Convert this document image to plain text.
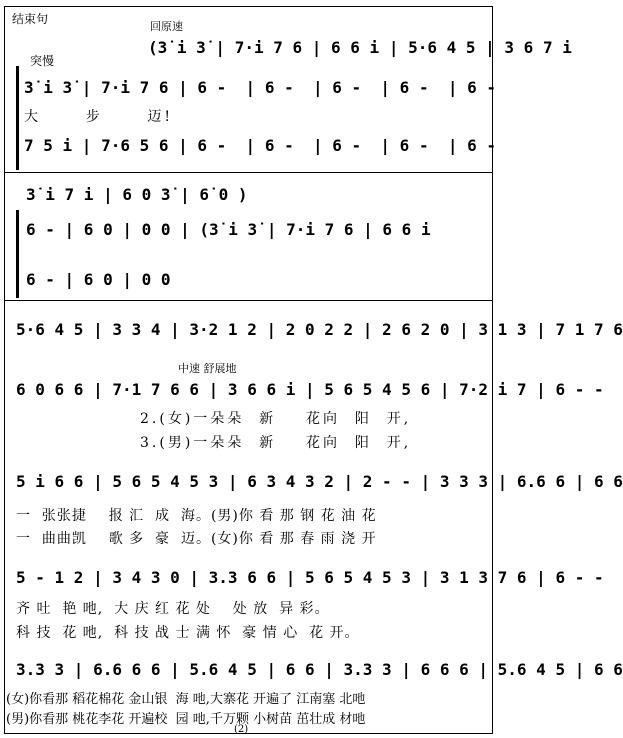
结束句
回原速
突慢
(3̇ i 3̇ | 7·i 7 6 | 6 6 i | 5·6 4 5 | 3 6 7 i
3̇ i 3̇ | 7·i 7 6 | 6 -  | 6 -  | 6 -  | 6 -  | 6 -
大      步      迈!
7 5 i | 7·6 5 6 | 6 -  | 6 -  | 6 -  | 6 -  | 6 -
3̇ i 7 i | 6 0 3̇ | 6̇ 0 )
6 - | 6 0 | 0 0 | (3̇ i 3̇ | 7·i 7 6 | 6 6 i
6 - | 6 0 | 0 0
5·6 4 5 | 3 3 4 | 3·2 1 2 | 2 0 2 2 | 2 6 2 0 | 3 1 3 | 7 1 7 6
中速 舒展地
6 0 6 6 | 7·1 7 6 6 | 3 6 6 i | 5 6 5 4 5 6 | 7·2 i 7 | 6 - -
2.(女)一朵朵  新    花向  阳  开,
3.(男)一朵朵  新    花向  阳  开,
5 i 6 6 | 5 6 5 4 5 3 | 6 3 4 3 2 | 2 - - | 3 3 3 | 6.6 6 | 6 6
一  张张捷    报 汇  成  海。(男)你 看 那 钢 花 油 花
一  曲曲凯    歌 多  豪  迈。(女)你 看 那 春 雨 浇 开
5 - 1 2 | 3 4 3 0 | 3.3 6 6 | 5 6 5 4 5 3 | 3 1 3 7 6 | 6 - -
齐 吐  艳 吔,  大 庆 红 花 处    处 放  异 彩。
科 技  花 吔,  科 技 战 士 满 怀  豪 情 心  花 开。
3.3 3 | 6.6 6 6 | 5.6 4 5 | 6 6 | 3.3 3 | 6 6 6 | 5.6 4 5 | 6 6
(女)你看那 稻花棉花 金山银  海 吔,大寨花 开遍了 江南塞 北吔
(男)你看那 桃花李花 开遍校  园 吔,千万颗 小树苗 茁壮成 材吔
(2)
